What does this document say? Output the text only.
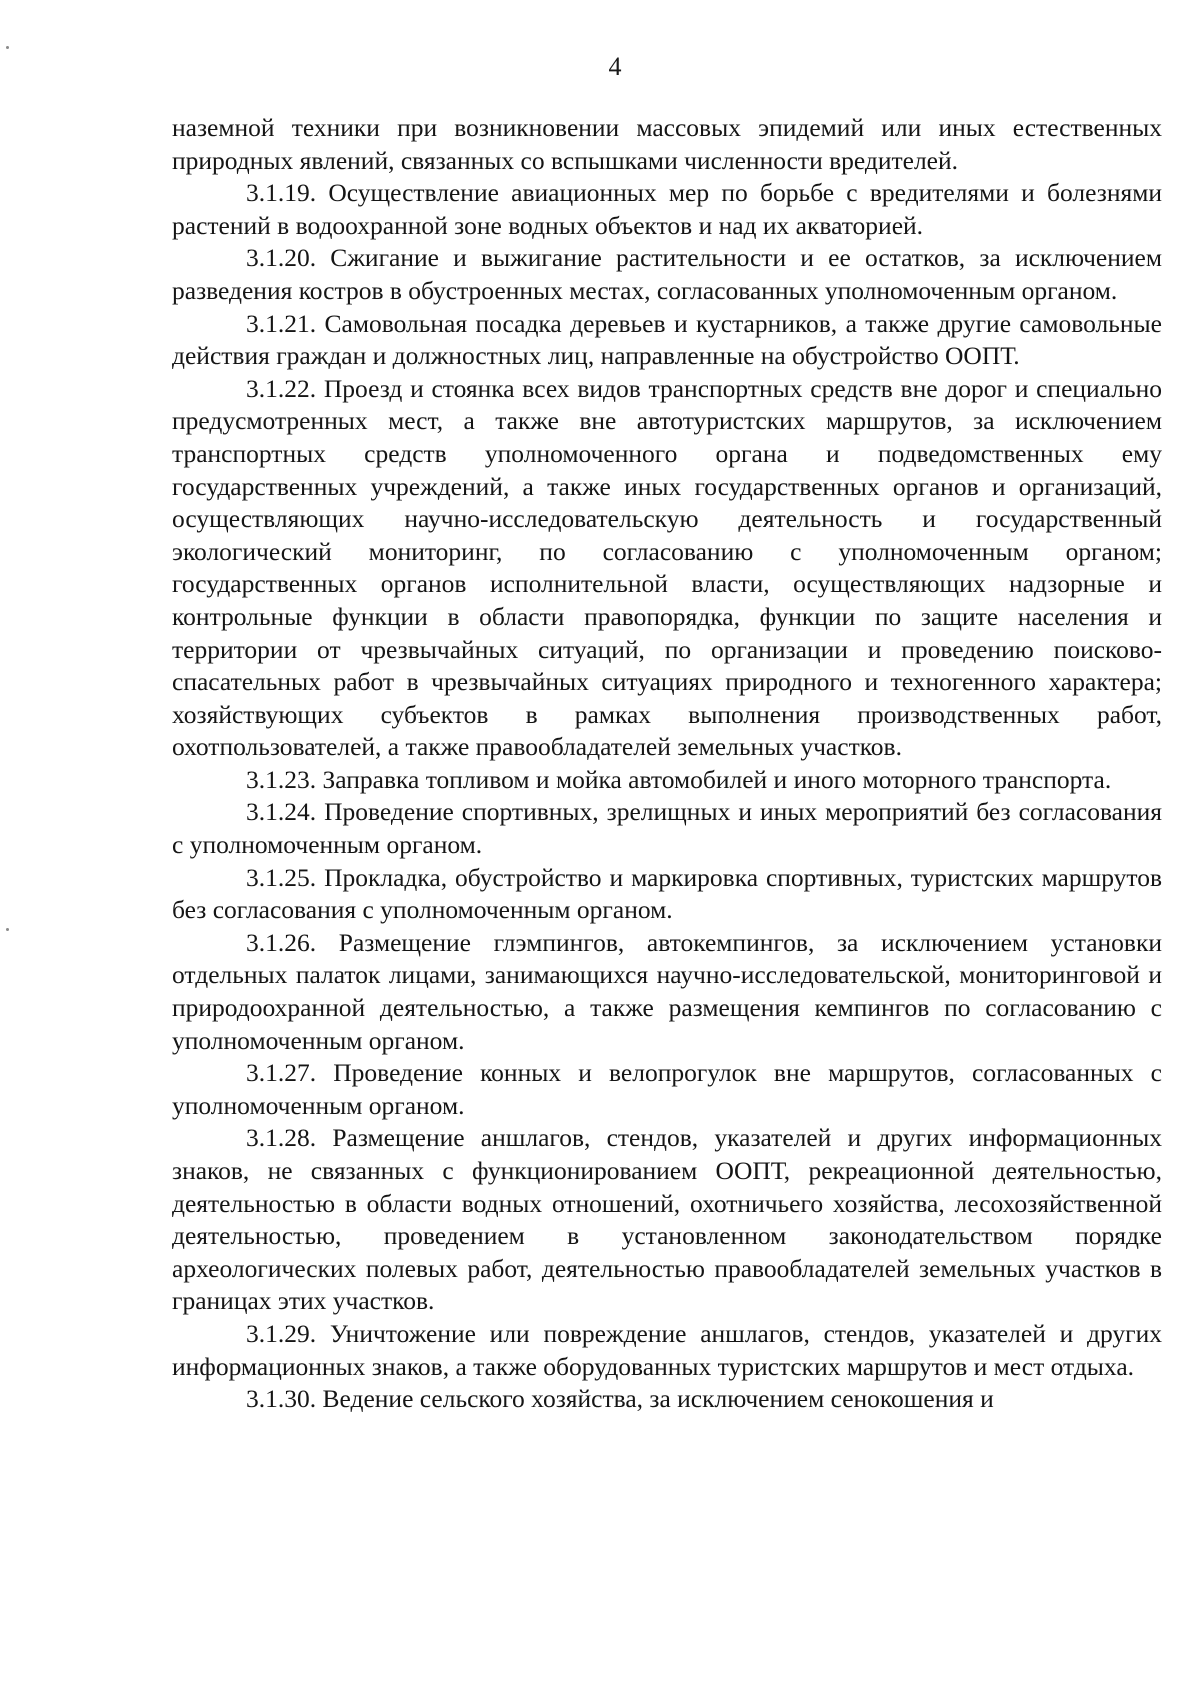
4

наземной техники при возникновении массовых эпидемий или иных естественных природных явлений, связанных со вспышками численности вредителей.

3.1.19. Осуществление авиационных мер по борьбе с вредителями и болезнями растений в водоохранной зоне водных объектов и над их акваторией.

3.1.20. Сжигание и выжигание растительности и ее остатков, за исключением разведения костров в обустроенных местах, согласованных уполномоченным органом.

3.1.21. Самовольная посадка деревьев и кустарников, а также другие самовольные действия граждан и должностных лиц, направленные на обустройство ООПТ.

3.1.22. Проезд и стоянка всех видов транспортных средств вне дорог и специально предусмотренных мест, а также вне автотуристских маршрутов, за исключением транспортных средств уполномоченного органа и подведомственных ему государственных учреждений, а также иных государственных органов и организаций, осуществляющих научно-исследовательскую деятельность и государственный экологический мониторинг, по согласованию с уполномоченным органом; государственных органов исполнительной власти, осуществляющих надзорные и контрольные функции в области правопорядка, функции по защите населения и территории от чрезвычайных ситуаций, по организации и проведению поисково-спасательных работ в чрезвычайных ситуациях природного и техногенного характера; хозяйствующих субъектов в рамках выполнения производственных работ, охотпользователей, а также правообладателей земельных участков.

3.1.23. Заправка топливом и мойка автомобилей и иного моторного транспорта.

3.1.24. Проведение спортивных, зрелищных и иных мероприятий без согласования с уполномоченным органом.

3.1.25. Прокладка, обустройство и маркировка спортивных, туристских маршрутов без согласования с уполномоченным органом.

3.1.26. Размещение глэмпингов, автокемпингов, за исключением установки отдельных палаток лицами, занимающихся научно-исследовательской, мониторинговой и природоохранной деятельностью, а также размещения кемпингов по согласованию с уполномоченным органом.

3.1.27. Проведение конных и велопрогулок вне маршрутов, согласованных с уполномоченным органом.

3.1.28. Размещение аншлагов, стендов, указателей и других информационных знаков, не связанных с функционированием ООПТ, рекреационной деятельностью, деятельностью в области водных отношений, охотничьего хозяйства, лесохозяйственной деятельностью, проведением в установленном законодательством порядке археологических полевых работ, деятельностью правообладателей земельных участков в границах этих участков.

3.1.29. Уничтожение или повреждение аншлагов, стендов, указателей и других информационных знаков, а также оборудованных туристских маршрутов и мест отдыха.

3.1.30. Ведение сельского хозяйства, за исключением сенокошения и
